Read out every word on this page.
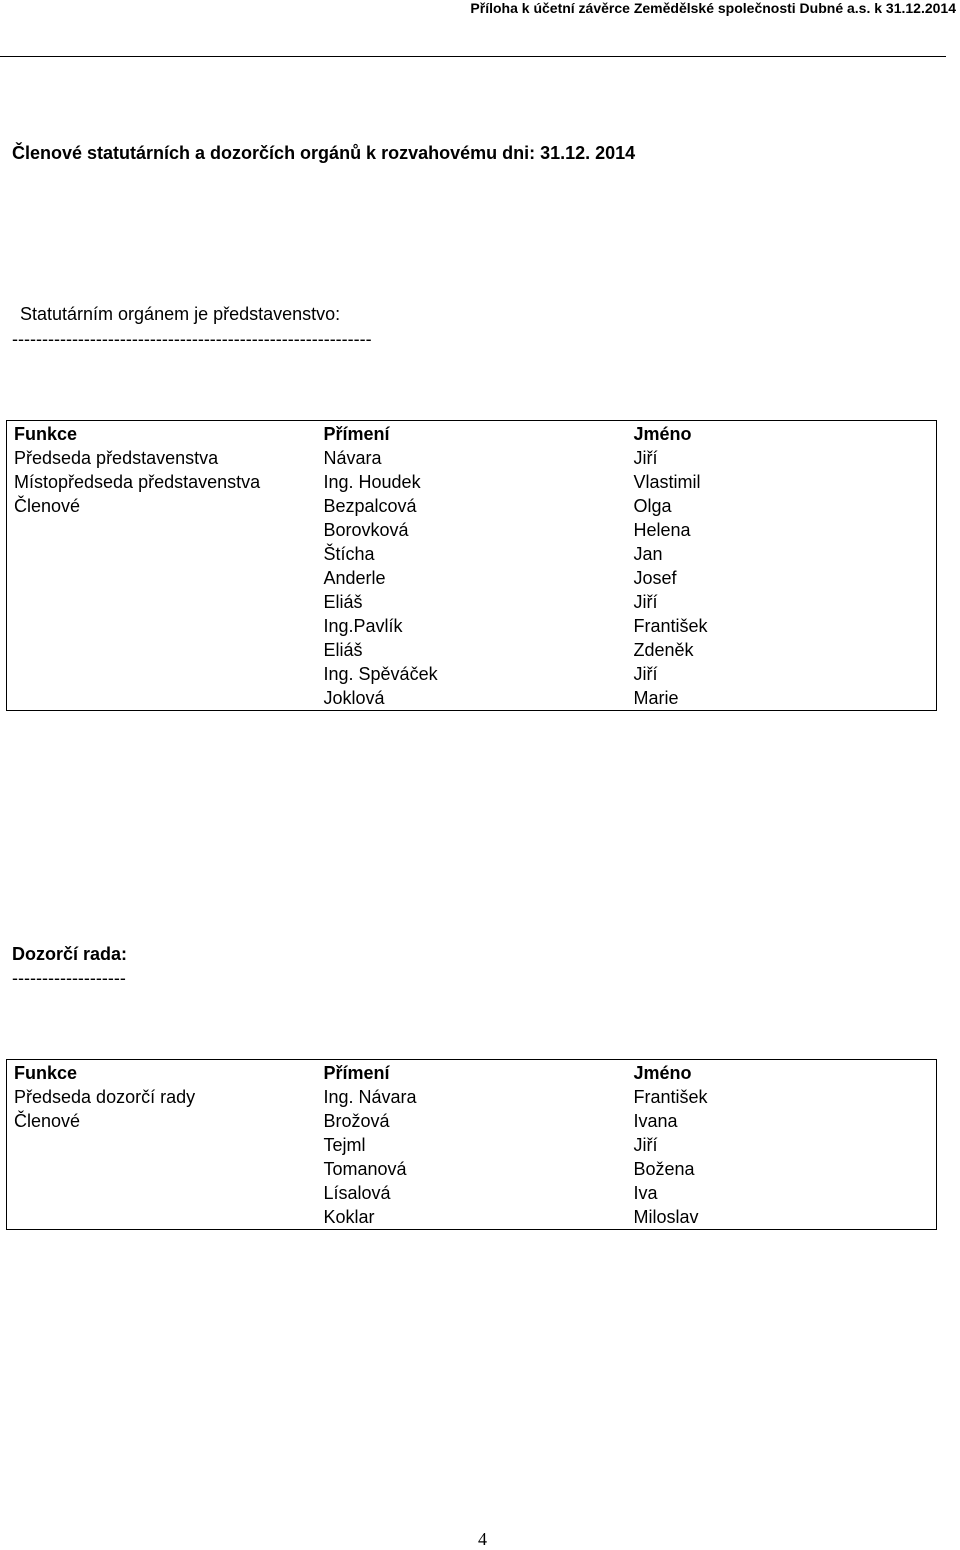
Příloha k účetní závěrce Zemědělské společnosti Dubné a.s. k 31.12.2014
Členové statutárních a dozorčích orgánů k rozvahovému dni: 31.12. 2014
Statutárním orgánem je představenstvo:
------------------------------------------------------------
Funkce	Přímení	Jméno
Předseda představenstva	Návara	Jiří
Místopředseda představenstva	Ing. Houdek	Vlastimil
Členové	Bezpalcová	Olga
	Borovková	Helena
	Štícha	Jan
	Anderle	Josef
	Eliáš	Jiří
	Ing.Pavlík	František
	Eliáš	Zdeněk
	Ing. Spěváček	Jiří
	Joklová	Marie
Dozorčí rada:
-------------------
Funkce	Přímení	Jméno
Předseda dozorčí rady	Ing. Návara	František
Členové	Brožová	Ivana
	Tejml	Jiří
	Tomanová	Božena
	Lísalová	Iva
	Koklar	Miloslav
4
